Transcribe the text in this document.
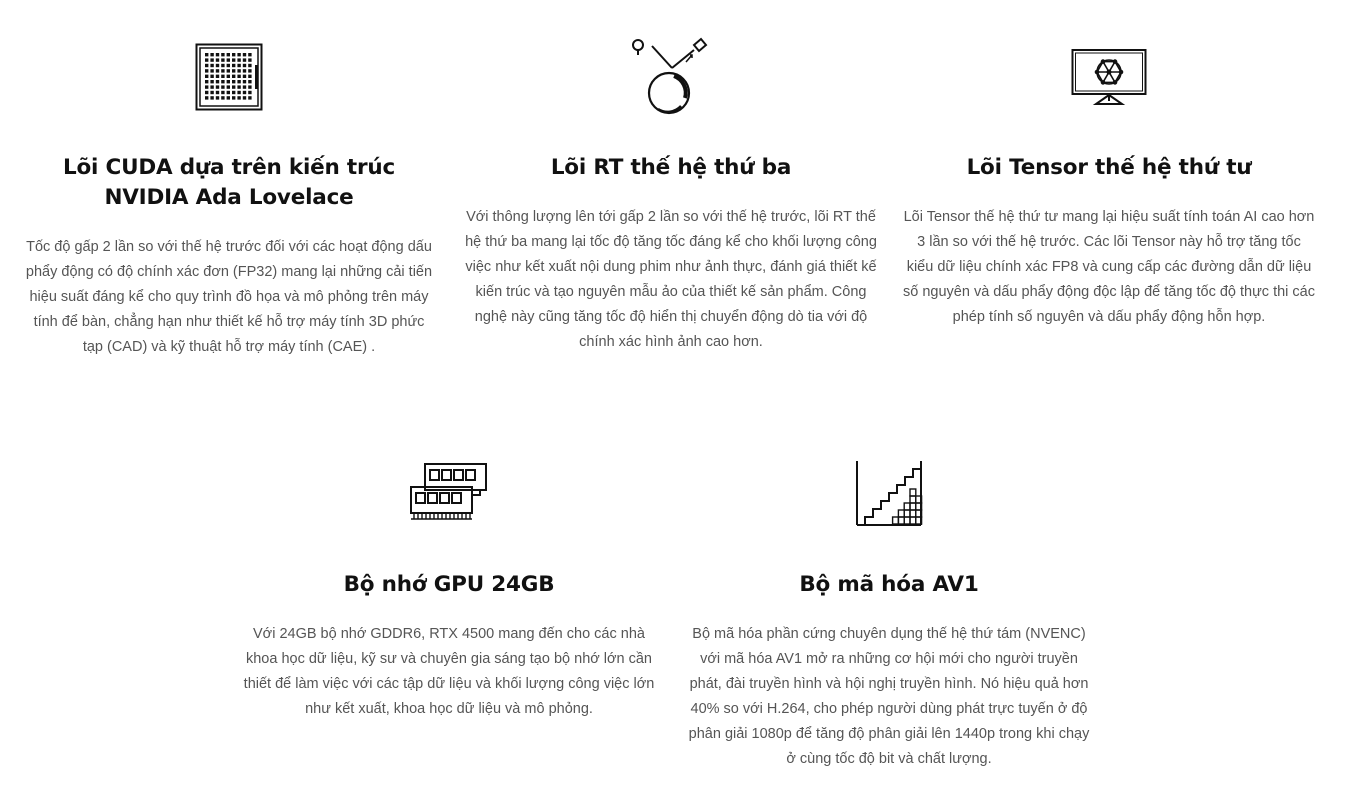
Lõi CUDA dựa trên kiến trúc NVIDIA Ada Lovelace

Tốc độ gấp 2 lần so với thế hệ trước đối với các hoạt động dấu phẩy động có độ chính xác đơn (FP32) mang lại những cải tiến hiệu suất đáng kể cho quy trình đồ họa và mô phỏng trên máy tính để bàn, chẳng hạn như thiết kế hỗ trợ máy tính 3D phức tạp (CAD) và kỹ thuật hỗ trợ máy tính (CAE) .

Lõi RT thế hệ thứ ba

Với thông lượng lên tới gấp 2 lần so với thế hệ trước, lõi RT thế hệ thứ ba mang lại tốc độ tăng tốc đáng kể cho khối lượng công việc như kết xuất nội dung phim như ảnh thực, đánh giá thiết kế kiến trúc và tạo nguyên mẫu ảo của thiết kế sản phẩm. Công nghệ này cũng tăng tốc độ hiển thị chuyển động dò tia với độ chính xác hình ảnh cao hơn.

Lõi Tensor thế hệ thứ tư

Lõi Tensor thế hệ thứ tư mang lại hiệu suất tính toán AI cao hơn 3 lần so với thế hệ trước. Các lõi Tensor này hỗ trợ tăng tốc kiểu dữ liệu chính xác FP8 và cung cấp các đường dẫn dữ liệu số nguyên và dấu phẩy động độc lập để tăng tốc độ thực thi các phép tính số nguyên và dấu phẩy động hỗn hợp.

Bộ nhớ GPU 24GB

Với 24GB bộ nhớ GDDR6, RTX 4500 mang đến cho các nhà khoa học dữ liệu, kỹ sư và chuyên gia sáng tạo bộ nhớ lớn cần thiết để làm việc với các tập dữ liệu và khối lượng công việc lớn như kết xuất, khoa học dữ liệu và mô phỏng.

Bộ mã hóa AV1

Bộ mã hóa phần cứng chuyên dụng thế hệ thứ tám (NVENC) với mã hóa AV1 mở ra những cơ hội mới cho người truyền phát, đài truyền hình và hội nghị truyền hình. Nó hiệu quả hơn 40% so với H.264, cho phép người dùng phát trực tuyến ở độ phân giải 1080p để tăng độ phân giải lên 1440p trong khi chạy ở cùng tốc độ bit và chất lượng.
